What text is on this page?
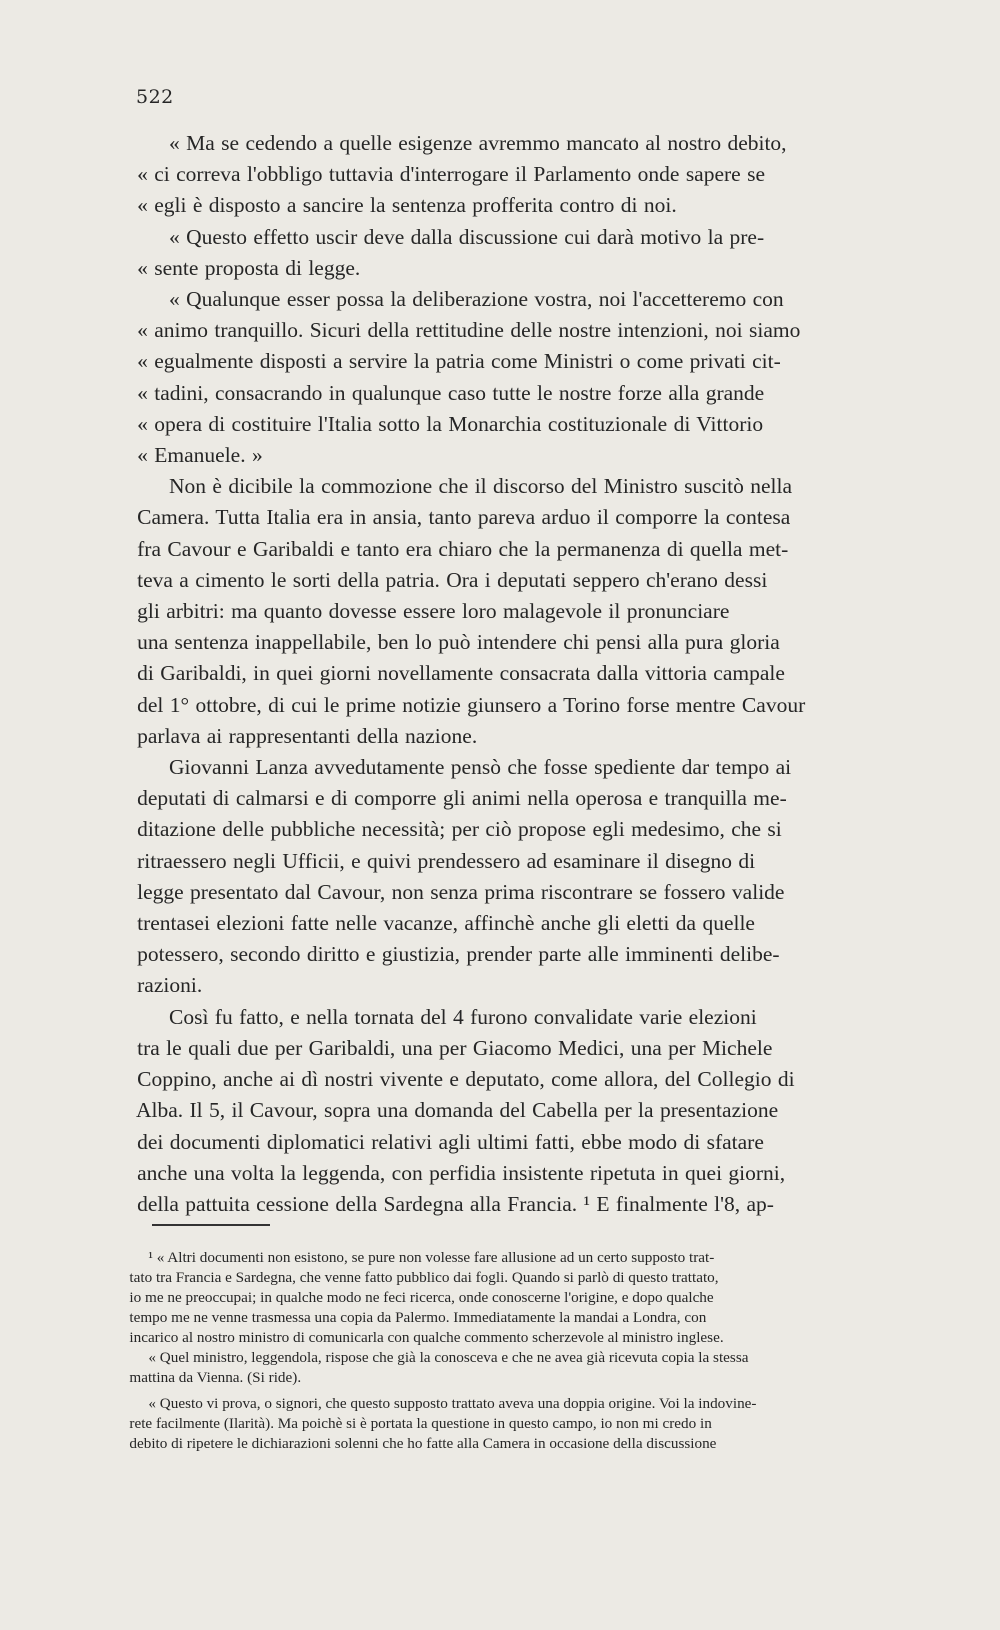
522
« Ma se cedendo a quelle esigenze avremmo mancato al nostro debito,
« ci correva l'obbligo tuttavia d'interrogare il Parlamento onde sapere se
« egli è disposto a sancire la sentenza profferita contro di noi.
« Questo effetto uscir deve dalla discussione cui darà motivo la pre-
« sente proposta di legge.
« Qualunque esser possa la deliberazione vostra, noi l'accetteremo con
« animo tranquillo. Sicuri della rettitudine delle nostre intenzioni, noi siamo
« egualmente disposti a servire la patria come Ministri o come privati cit-
« tadini, consacrando in qualunque caso tutte le nostre forze alla grande
« opera di costituire l'Italia sotto la Monarchia costituzionale di Vittorio
« Emanuele. »
Non è dicibile la commozione che il discorso del Ministro suscitò nella
Camera. Tutta Italia era in ansia, tanto pareva arduo il comporre la contesa
fra Cavour e Garibaldi e tanto era chiaro che la permanenza di quella met-
teva a cimento le sorti della patria. Ora i deputati seppero ch'erano dessi
gli arbitri: ma quanto dovesse essere loro malagevole il pronunciare
una sentenza inappellabile, ben lo può intendere chi pensi alla pura gloria
di Garibaldi, in quei giorni novellamente consacrata dalla vittoria campale
del 1° ottobre, di cui le prime notizie giunsero a Torino forse mentre Cavour
parlava ai rappresentanti della nazione.
Giovanni Lanza avvedutamente pensò che fosse spediente dar tempo ai
deputati di calmarsi e di comporre gli animi nella operosa e tranquilla me-
ditazione delle pubbliche necessità; per ciò propose egli medesimo, che si
ritraessero negli Ufficii, e quivi prendessero ad esaminare il disegno di
legge presentato dal Cavour, non senza prima riscontrare se fossero valide
trentasei elezioni fatte nelle vacanze, affinchè anche gli eletti da quelle
potessero, secondo diritto e giustizia, prender parte alle imminenti delibe-
razioni.
Così fu fatto, e nella tornata del 4 furono convalidate varie elezioni
tra le quali due per Garibaldi, una per Giacomo Medici, una per Michele
Coppino, anche ai dì nostri vivente e deputato, come allora, del Collegio di
Alba. Il 5, il Cavour, sopra una domanda del Cabella per la presentazione
dei documenti diplomatici relativi agli ultimi fatti, ebbe modo di sfatare
anche una volta la leggenda, con perfidia insistente ripetuta in quei giorni,
della pattuita cessione della Sardegna alla Francia. ¹ E finalmente l'8, ap-
¹ « Altri documenti non esistono, se pure non volesse fare allusione ad un certo supposto trat-
tato tra Francia e Sardegna, che venne fatto pubblico dai fogli. Quando si parlò di questo trattato,
io me ne preoccupai; in qualche modo ne feci ricerca, onde conoscerne l'origine, e dopo qualche
tempo me ne venne trasmessa una copia da Palermo. Immediatamente la mandai a Londra, con
incarico al nostro ministro di comunicarla con qualche commento scherzevole al ministro inglese.
« Quel ministro, leggendola, rispose che già la conosceva e che ne avea già ricevuta copia la stessa
mattina da Vienna. (Si ride).
« Questo vi prova, o signori, che questo supposto trattato aveva una doppia origine. Voi la indovine-
rete facilmente (Ilarità). Ma poichè si è portata la questione in questo campo, io non mi credo in
debito di ripetere le dichiarazioni solenni che ho fatte alla Camera in occasione della discussione
